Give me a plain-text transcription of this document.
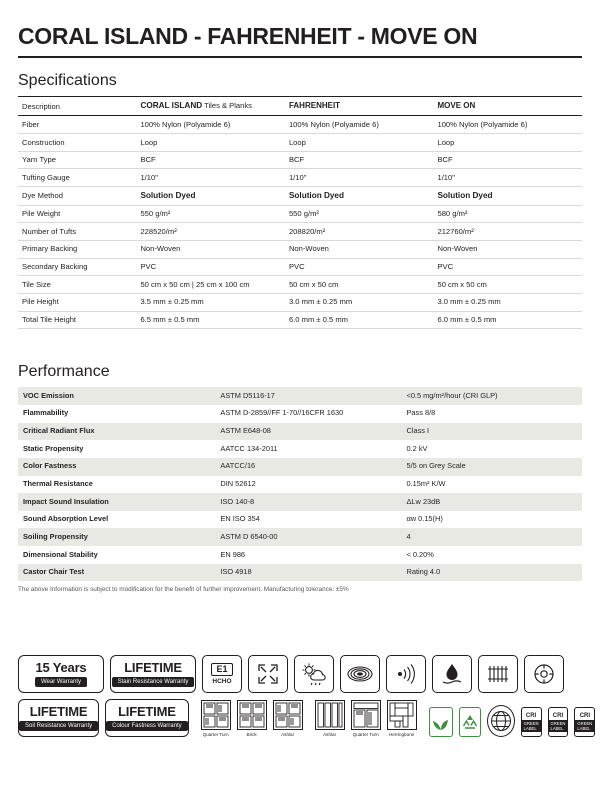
CORAL ISLAND - FAHRENHEIT - MOVE ON
Specifications
Description	CORAL ISLAND Tiles & Planks	FAHRENHEIT	MOVE ON
Fiber	100% Nylon (Polyamide 6)	100% Nylon (Polyamide 6)	100% Nylon (Polyamide 6)
Construction	Loop	Loop	Loop
Yarn Type	BCF	BCF	BCF
Tufting Gauge	1/10"	1/10"	1/10"
Dye Method	Solution Dyed	Solution Dyed	Solution Dyed
Pile Weight	550 g/m²	550 g/m²	580 g/m²
Number of Tufts	228520/m²	208820/m²	212760/m²
Primary Backing	Non-Woven	Non-Woven	Non-Woven
Secondary Backing	PVC	PVC	PVC
Tile Size	50 cm x 50 cm | 25 cm x 100 cm	50 cm x 50 cm	50 cm x 50 cm
Pile Height	3.5 mm ± 0.25 mm	3.0 mm ± 0.25 mm	3.0 mm ± 0.25 mm
Total Tile Height	6.5 mm ± 0.5 mm	6.0 mm ± 0.5 mm	6.0 mm ± 0.5 mm
Performance
VOC Emission	ASTM D5116-17	<0.5 mg/m²/hour (CRI GLP)
Flammability	ASTM D-2859//FF 1-70//16CFR 1630	Pass 8/8
Critical Radiant Flux	ASTM E648-08	Class I
Static Propensity	AATCC 134-2011	0.2 kV
Color Fastness	AATCC/16	5/5 on Grey Scale
Thermal Resistance	DIN 52612	0.15m² K/W
Impact Sound Insulation	ISO 140-8	ΔLw 23dB
Sound Absorption Level	EN ISO 354	αw 0.15(H)
Soiling Propensity	ASTM D 6540-00	4
Dimensional Stability	EN 986	< 0.20%
Castor Chair Test	ISO 4918	Rating 4.0

The above Information is subject to modification for the benefit of further improvement. Manufacturing tolerance: ±5%

15 Years
Wear Warranty
LIFETIME
Stain Resistance Warranty
E1
HCHO
LIFETIME
Soil Resistance Warranty
LIFETIME
Colour Fastness Warranty
Quarter Turn	Brick	Ashlar	Ashlar	Quarter Turn Herringbone
CRI
GREEN LABEL
CRI
GREEN LABEL
CRI
GREEN LABEL
